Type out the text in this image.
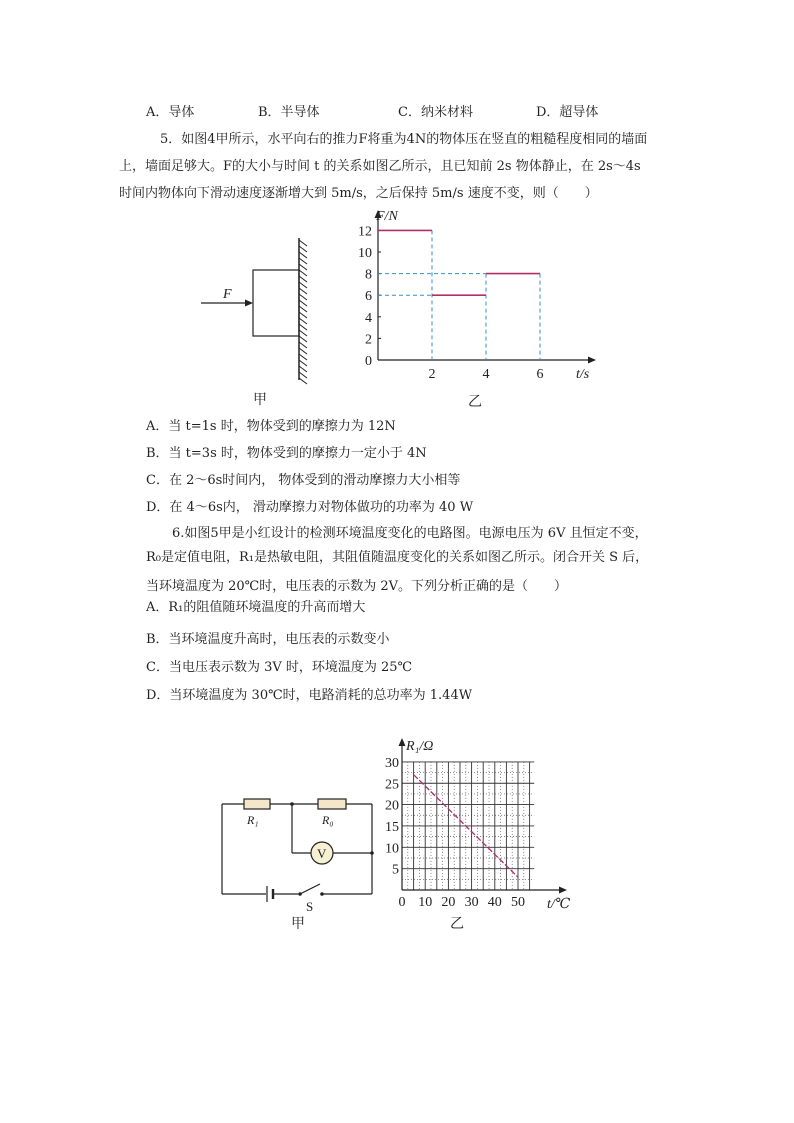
A．导体	B．半导体	C．纳米材料	D．超导体
5．如图4甲所示，水平向右的推力F将重为4N的物体压在竖直的粗糙程度相同的墙面
上，墙面足够大。F的大小与时间 t 的关系如图乙所示，且已知前 2s 物体静止，在 2s～4s
时间内物体向下滑动速度逐渐增大到 5m/s，之后保持 5m/s 速度不变，则（　　）
F
甲
0
2
4
6
8
10
12
2	4	6
F/N
t/s
乙
A．当 t=1s 时，物体受到的摩擦力为 12N
B．当 t=3s 时，物体受到的摩擦力一定小于 4N
C．在 2～6s时间内， 物体受到的滑动摩擦力大小相等
D．在 4～6s内， 滑动摩擦力对物体做功的功率为 40 W
6.如图5甲是小红设计的检测环境温度变化的电路图。电源电压为 6V 且恒定不变，
R₀是定值电阻，R₁是热敏电阻，其阻值随温度变化的关系如图乙所示。闭合开关 S 后，
当环境温度为 20℃时，电压表的示数为 2V。下列分析正确的是（　　）
A．R₁的阻值随环境温度的升高而增大
B．当环境温度升高时，电压表的示数变小
C．当电压表示数为 3V 时，环境温度为 25℃
D．当环境温度为 30℃时，电路消耗的总功率为 1.44W
R₁	R₀
V
S
甲
5
10
15
20
25
30
0 10 20 30 40 50
R₁/Ω
t/℃
乙
